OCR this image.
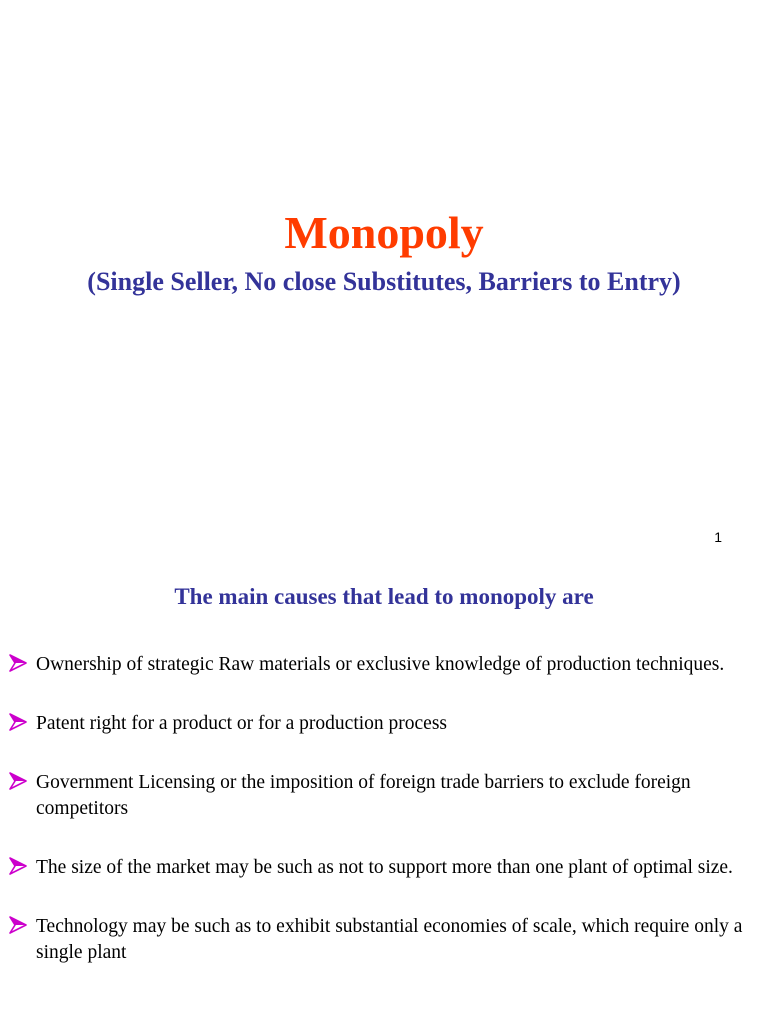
Monopoly

(Single Seller, No close Substitutes, Barriers to Entry)

1
The main causes that lead to monopoly are
Ownership of strategic Raw materials or exclusive knowledge of production techniques.
Patent right for a product or for a production process
Government Licensing or the imposition of foreign trade barriers to exclude foreign competitors
The size of the market may be such as not to support more than one plant of optimal size.
Technology may be such as to exhibit substantial economies of scale, which require only a single plant
